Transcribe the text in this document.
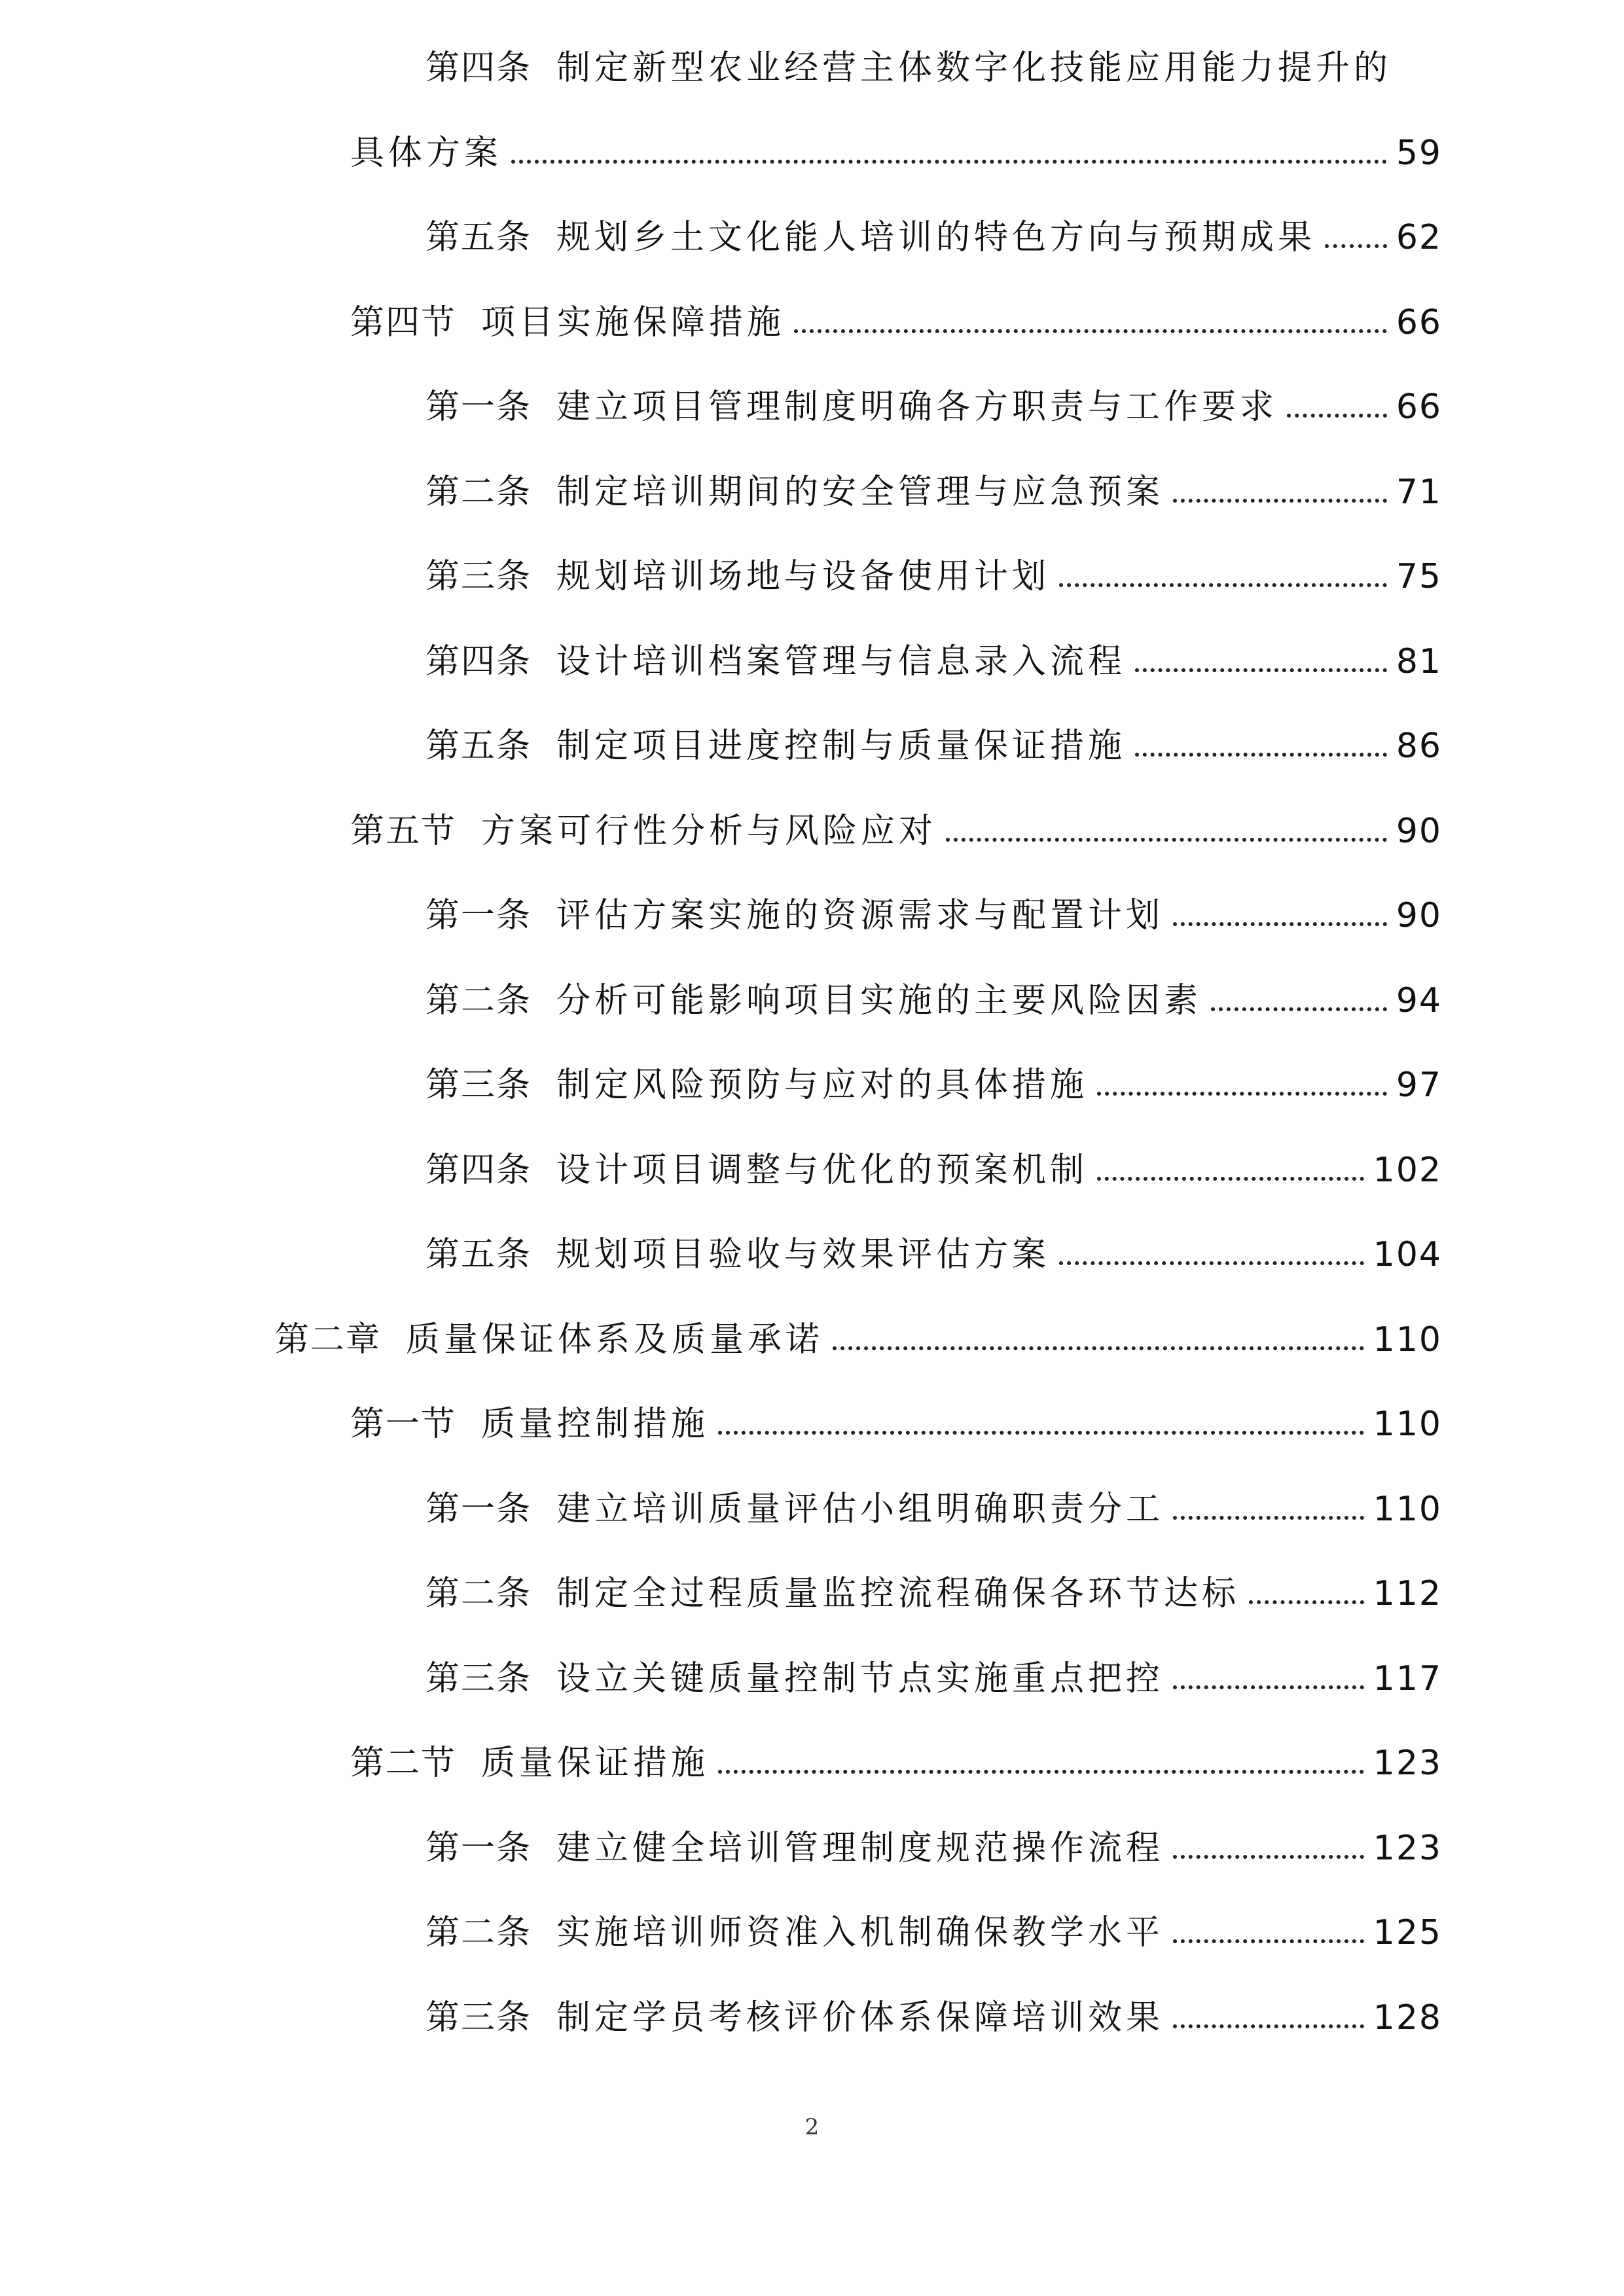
第四条 制定新型农业经营主体数字化技能应用能力提升的
具体方案	59
第五条 规划乡土文化能人培训的特色方向与预期成果 62
第四节 项目实施保障措施	66
第一条 建立项目管理制度明确各方职责与工作要求	66
第二条 制定培训期间的安全管理与应急预案	71
第三条 规划培训场地与设备使用计划	75
第四条 设计培训档案管理与信息录入流程	81
第五条 制定项目进度控制与质量保证措施	86
第五节 方案可行性分析与风险应对	90
第一条 评估方案实施的资源需求与配置计划	90
第二条 分析可能影响项目实施的主要风险因素	94
第三条 制定风险预防与应对的具体措施	97
第四条 设计项目调整与优化的预案机制	102
第五条 规划项目验收与效果评估方案	104
第二章 质量保证体系及质量承诺	110
第一节 质量控制措施	110
第一条 建立培训质量评估小组明确职责分工	110
第二条 制定全过程质量监控流程确保各环节达标	112
第三条 设立关键质量控制节点实施重点把控	117
第二节 质量保证措施	123
第一条 建立健全培训管理制度规范操作流程	123
第二条 实施培训师资准入机制确保教学水平	125
第三条 制定学员考核评价体系保障培训效果	128
2
